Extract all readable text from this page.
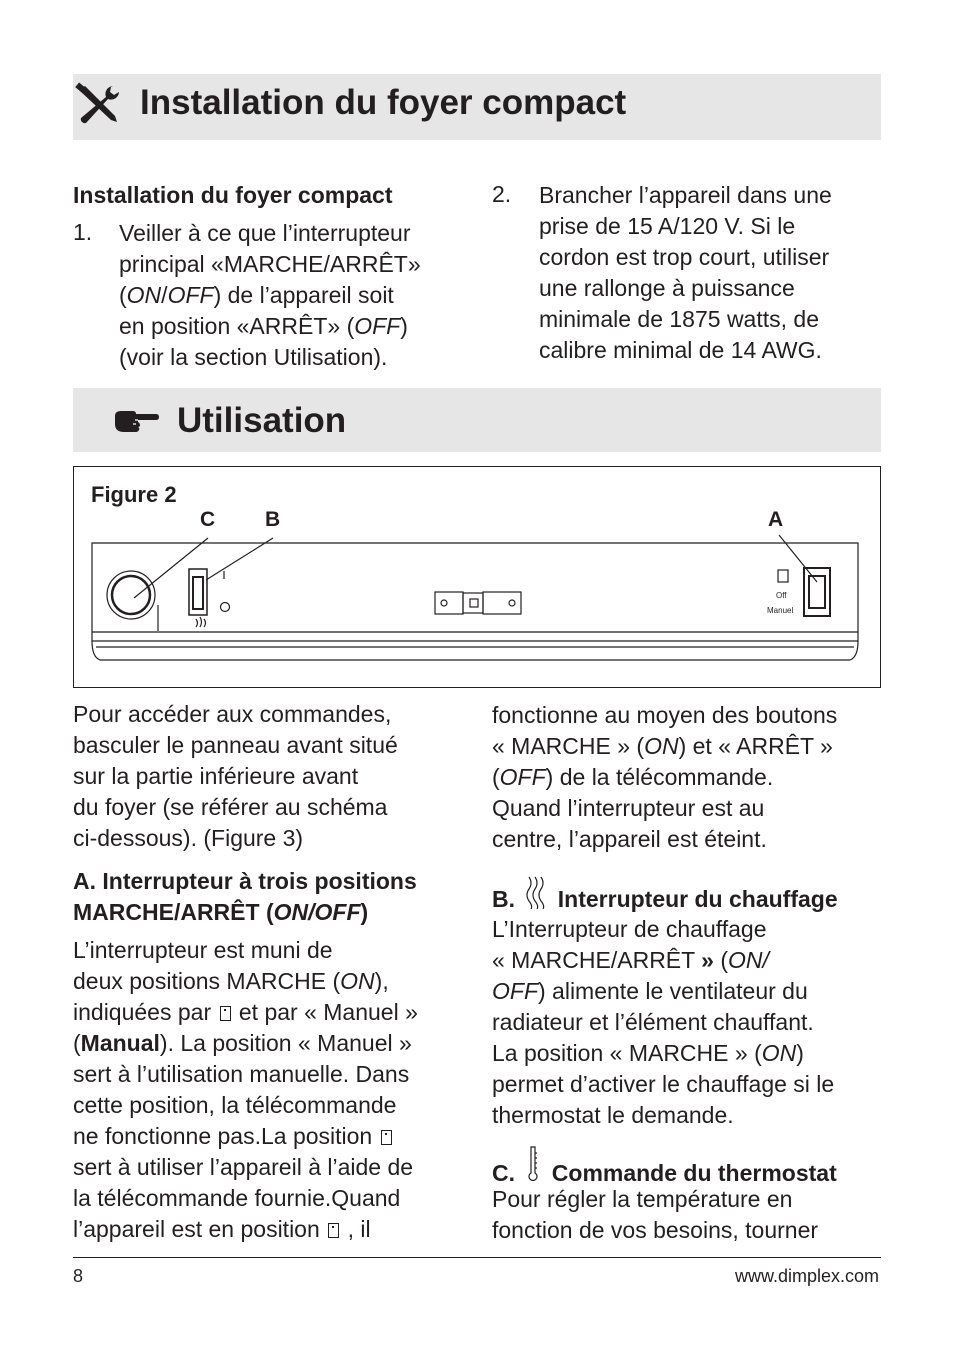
Installation du foyer compact
Installation du foyer compact
1. Veiller à ce que l’interrupteur
principal «MARCHE/ARRÊT»
(ON/OFF) de l’appareil soit
en position «ARRÊT» (OFF)
(voir la section Utilisation).
2. Brancher l’appareil dans une
prise de 15 A/120 V. Si le
cordon est trop court, utiliser
une rallonge à puissance
minimale de 1875 watts, de
calibre minimal de 14 AWG.
Utilisation
Figure 2
C B	A
Off
Manuel
Pour accéder aux commandes,
basculer le panneau avant situé
sur la partie inférieure avant
du foyer (se référer au schéma
ci-dessous). (Figure 3)
A. Interrupteur à trois positions
MARCHE/ARRÊT (ON/OFF)
L’interrupteur est muni de
deux positions MARCHE (ON),
indiquées par et par « Manuel »
(Manual). La position « Manuel »
sert à l’utilisation manuelle. Dans
cette position, la télécommande
ne fonctionne pas.La position
sert à utiliser l’appareil à l’aide de
la télécommande fournie.Quand
l’appareil est en position , il
fonctionne au moyen des boutons
« MARCHE » (ON) et « ARRÊT »
(OFF) de la télécommande.
Quand l’interrupteur est au
centre, l’appareil est éteint.
B. Interrupteur du chauffage
L’Interrupteur de chauffage
« MARCHE/ARRÊT » (ON/
OFF) alimente le ventilateur du
radiateur et l’élément chauffant.
La position « MARCHE » (ON)
permet d’activer le chauffage si le
thermostat le demande.
C. Commande du thermostat
Pour régler la température en
fonction de vos besoins, tourner
8	www.dimplex.com
